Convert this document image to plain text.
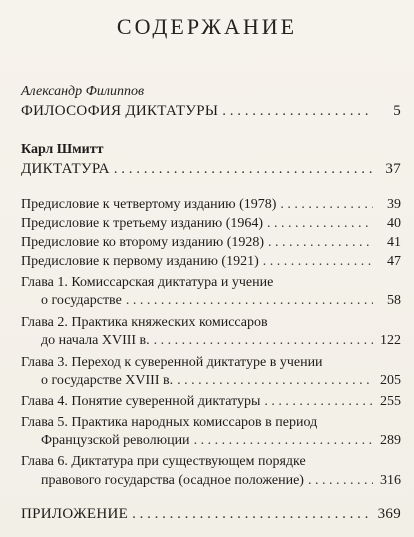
СОДЕРЖАНИЕ
Александр Филиппов
ФИЛОСОФИЯ ДИКТАТУРЫ . . .	5
Карл Шмитт
ДИКТАТУРА . . .	37
Предисловие к четвертому изданию (1978) . . .	39
Предисловие к третьему изданию (1964) . . .	40
Предисловие ко второму изданию (1928) . . .	41
Предисловие к первому изданию (1921) . . .	47
Глава 1. Комиссарская диктатура и учение
о государстве . . .	58
Глава 2. Практика княжеских комиссаров
до начала XVIII в. . . .	122
Глава 3. Переход к суверенной диктатуре в учении
о государстве XVIII в. . . .	205
Глава 4. Понятие суверенной диктатуры . . .	255
Глава 5. Практика народных комиссаров в период
Французской революции . . .	289
Глава 6. Диктатура при существующем порядке
правового государства (осадное положение) . . .	316
ПРИЛОЖЕНИЕ . . .	369
